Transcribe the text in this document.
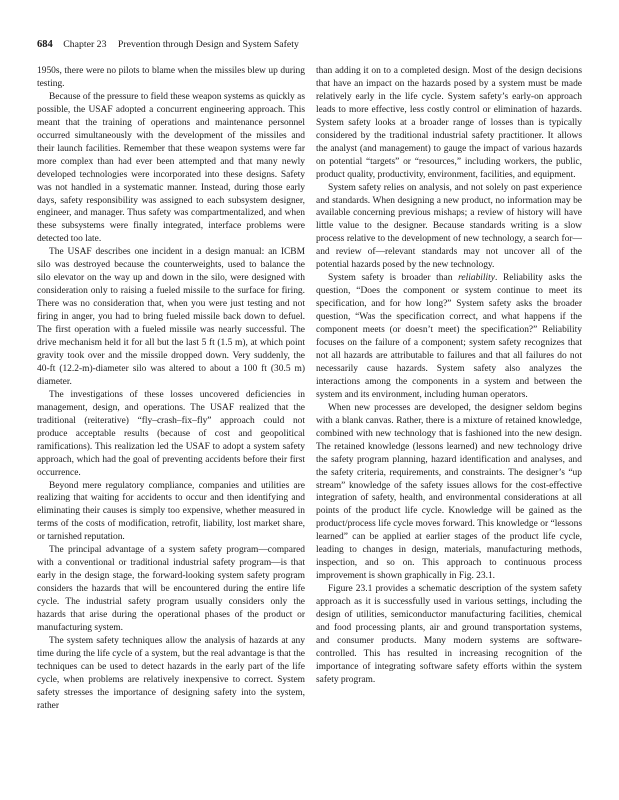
684 Chapter 23 Prevention through Design and System Safety

1950s, there were no pilots to blame when the missiles blew up during testing.

Because of the pressure to field these weapon systems as quickly as possible, the USAF adopted a concurrent engineering approach. This meant that the training of operations and maintenance personnel occurred simultaneously with the development of the missiles and their launch facilities. Remember that these weapon systems were far more complex than had ever been attempted and that many newly developed technologies were incorporated into these designs. Safety was not handled in a systematic manner. Instead, during those early days, safety responsibility was assigned to each subsystem designer, engineer, and manager. Thus safety was compartmentalized, and when these subsystems were finally integrated, interface problems were detected too late.

The USAF describes one incident in a design manual: an ICBM silo was destroyed because the counterweights, used to balance the silo elevator on the way up and down in the silo, were designed with consideration only to raising a fueled missile to the surface for firing. There was no consideration that, when you were just testing and not firing in anger, you had to bring fueled missile back down to defuel. The first operation with a fueled missile was nearly successful. The drive mechanism held it for all but the last 5 ft (1.5 m), at which point gravity took over and the missile dropped down. Very suddenly, the 40-ft (12.2-m)-diameter silo was altered to about a 100 ft (30.5 m) diameter.

The investigations of these losses uncovered deficiencies in management, design, and operations. The USAF realized that the traditional (reiterative) “fly–crash–fix–fly” approach could not produce acceptable results (because of cost and geopolitical ramifications). This realization led the USAF to adopt a system safety approach, which had the goal of preventing accidents before their first occurrence.

Beyond mere regulatory compliance, companies and utilities are realizing that waiting for accidents to occur and then identifying and eliminating their causes is simply too expensive, whether measured in terms of the costs of modification, retrofit, liability, lost market share, or tarnished reputation.

The principal advantage of a system safety program—compared with a conventional or traditional industrial safety program—is that early in the design stage, the forward-looking system safety program considers the hazards that will be encountered during the entire life cycle. The industrial safety program usually considers only the hazards that arise during the operational phases of the product or manufacturing system.

The system safety techniques allow the analysis of hazards at any time during the life cycle of a system, but the real advantage is that the techniques can be used to detect hazards in the early part of the life cycle, when problems are relatively inexpensive to correct. System safety stresses the importance of designing safety into the system, rather

than adding it on to a completed design. Most of the design decisions that have an impact on the hazards posed by a system must be made relatively early in the life cycle. System safety’s early-on approach leads to more effective, less costly control or elimination of hazards. System safety looks at a broader range of losses than is typically considered by the traditional industrial safety practitioner. It allows the analyst (and management) to gauge the impact of various hazards on potential “targets” or “resources,” including workers, the public, product quality, productivity, environment, facilities, and equipment.

System safety relies on analysis, and not solely on past experience and standards. When designing a new product, no information may be available concerning previous mishaps; a review of history will have little value to the designer. Because standards writing is a slow process relative to the development of new technology, a search for—and review of—relevant standards may not uncover all of the potential hazards posed by the new technology.

System safety is broader than reliability. Reliability asks the question, “Does the component or system continue to meet its specification, and for how long?” System safety asks the broader question, “Was the specification correct, and what happens if the component meets (or doesn’t meet) the specification?” Reliability focuses on the failure of a component; system safety recognizes that not all hazards are attributable to failures and that all failures do not necessarily cause hazards. System safety also analyzes the interactions among the components in a system and between the system and its environment, including human operators.

When new processes are developed, the designer seldom begins with a blank canvas. Rather, there is a mixture of retained knowledge, combined with new technology that is fashioned into the new design. The retained knowledge (lessons learned) and new technology drive the safety program planning, hazard identification and analyses, and the safety criteria, requirements, and constraints. The designer’s “up stream” knowledge of the safety issues allows for the cost-effective integration of safety, health, and environmental considerations at all points of the product life cycle. Knowledge will be gained as the product/process life cycle moves forward. This knowledge or “lessons learned” can be applied at earlier stages of the product life cycle, leading to changes in design, materials, manufacturing methods, inspection, and so on. This approach to continuous process improvement is shown graphically in Fig. 23.1.

Figure 23.1 provides a schematic description of the system safety approach as it is successfully used in various settings, including the design of utilities, semiconductor manufacturing facilities, chemical and food processing plants, air and ground transportation systems, and consumer products. Many modern systems are software-controlled. This has resulted in increasing recognition of the importance of integrating software safety efforts within the system safety program.
